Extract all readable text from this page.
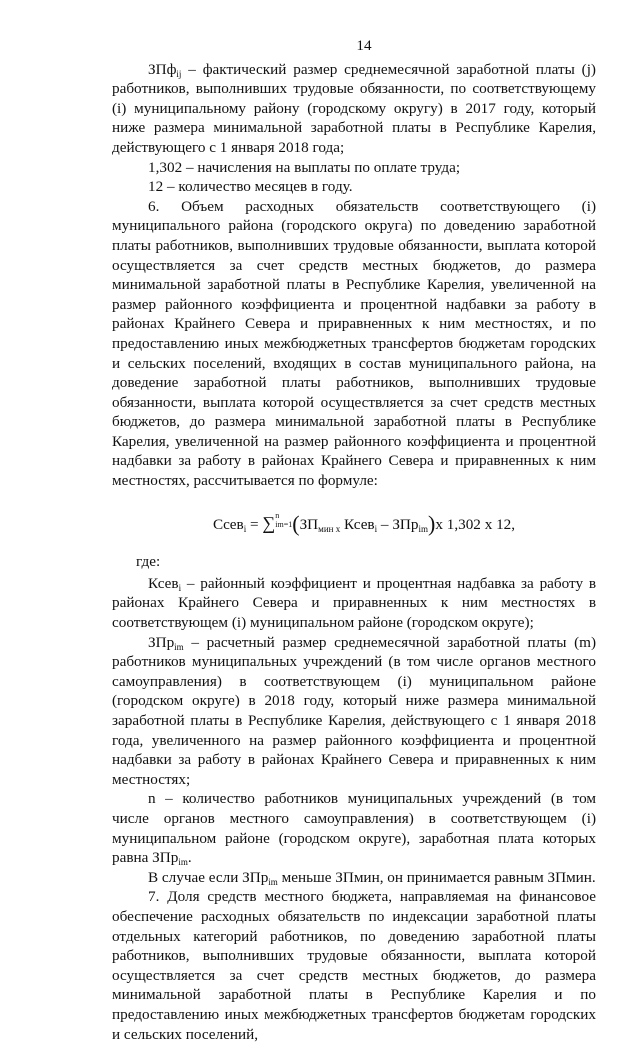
14

ЗПф$_{ij}$ – фактический размер среднемесячной заработной платы (j) работников, выполнивших трудовые обязанности, по соответствующему (i) муниципальному району (городскому округу) в 2017 году, который ниже размера минимальной заработной платы в Республике Карелия, действующего с 1 января 2018 года;

1,302 – начисления на выплаты по оплате труда;

12 – количество месяцев в году.

6. Объем расходных обязательств соответствующего (i) муниципального района (городского округа) по доведению заработной платы работников, выполнивших трудовые обязанности, выплата которой осуществляется за счет средств местных бюджетов, до размера минимальной заработной платы в Республике Карелия, увеличенной на размер районного коэффициента и процентной надбавки за работу в районах Крайнего Севера и приравненных к ним местностях, и по предоставлению иных межбюджетных трансфертов бюджетам городских и сельских поселений, входящих в состав муниципального района, на доведение заработной платы работников, выполнивших трудовые обязанности, выплата которой осуществляется за счет средств местных бюджетов, до размера минимальной заработной платы в Республике Карелия, увеличенной на размер районного коэффициента и процентной надбавки за работу в районах Крайнего Севера и приравненных к ним местностях, рассчитывается по формуле:

Ccев$_i$ = ∑n
$im=1(ЗП_{мин х}$ Ксев$_i$ – ЗПр$_{im}$)х 1,302 х 12,
где:

Ксев$_i$ – районный коэффициент и процентная надбавка за работу в районах Крайнего Севера и приравненных к ним местностях в соответствующем (i) муниципальном районе (городском округе);

ЗПр$_{im}$ – расчетный размер среднемесячной заработной платы (m) работников муниципальных учреждений (в том числе органов местного самоуправления) в соответствующем (i) муниципальном районе (городском округе) в 2018 году, который ниже размера минимальной заработной платы в Республике Карелия, действующего с 1 января 2018 года, увеличенного на размер районного коэффициента и процентной надбавки за работу в районах Крайнего Севера и приравненных к ним местностях;

n – количество работников муниципальных учреждений (в том числе органов местного самоуправления) в соответствующем (i) муниципальном районе (городском округе), заработная плата которых равна ЗПр$_{im}$.

В случае если ЗПр$_{im}$ меньше ЗПмин, он принимается равным ЗПмин.

7. Доля средств местного бюджета, направляемая на финансовое обеспечение расходных обязательств по индексации заработной платы отдельных категорий работников, по доведению заработной платы работников, выполнивших трудовые обязанности, выплата которой осуществляется за счет средств местных бюджетов, до размера минимальной заработной платы в Республике Карелия и по предоставлению иных межбюджетных трансфертов бюджетам городских и сельских поселений,
